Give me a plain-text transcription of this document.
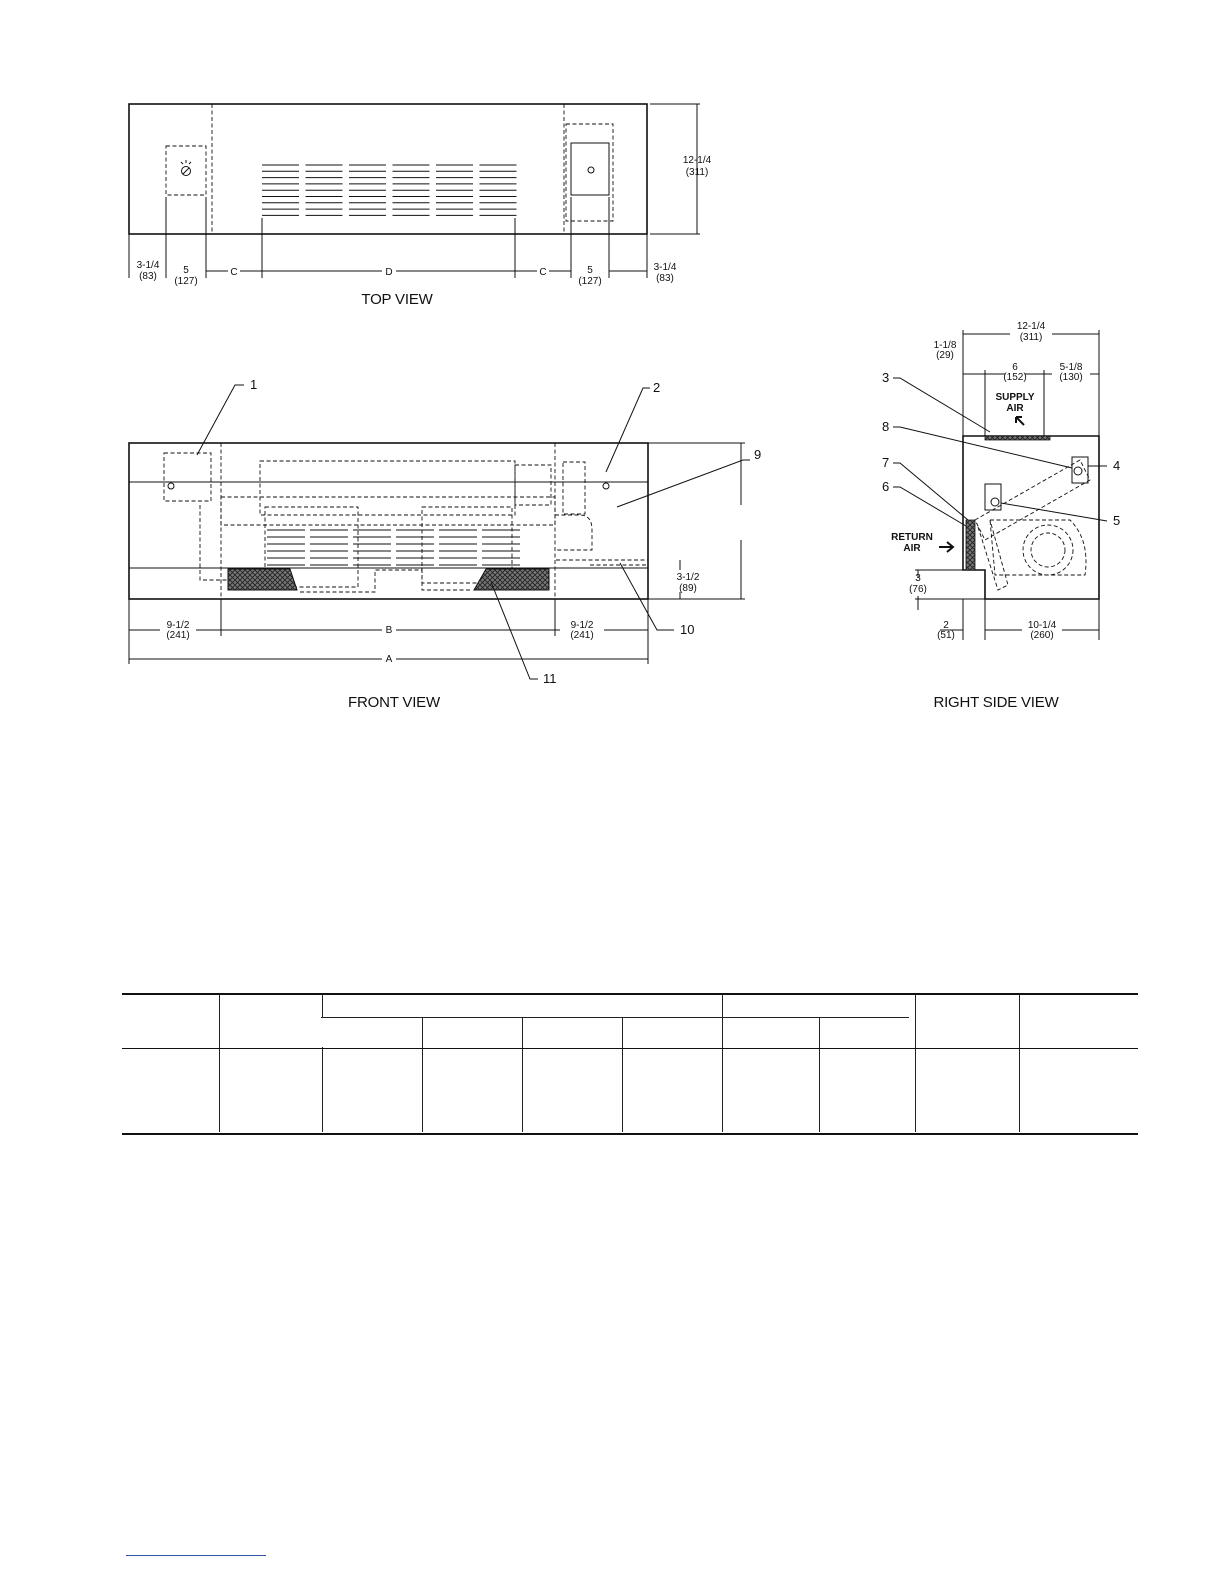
12-1/4
(311)
3-1/4
(83)
5
(127)
C	D	C	5
(127)
3-1/4
(83)
TOP VIEW
3-1/2
(89)
9-1/2
(241)	B	9-1/2
(241)
A
1	2
9
10
11
FRONT VIEW
12-1/4
(311)
1-1/8
(29)
6
(152)
5-1/8
(130)
SUPPLY
AIR
RETURN
AIR
3
(76)
2
(51)
10-1/4
(260)
3
8
4
7
6
5
RIGHT SIDE VIEW
